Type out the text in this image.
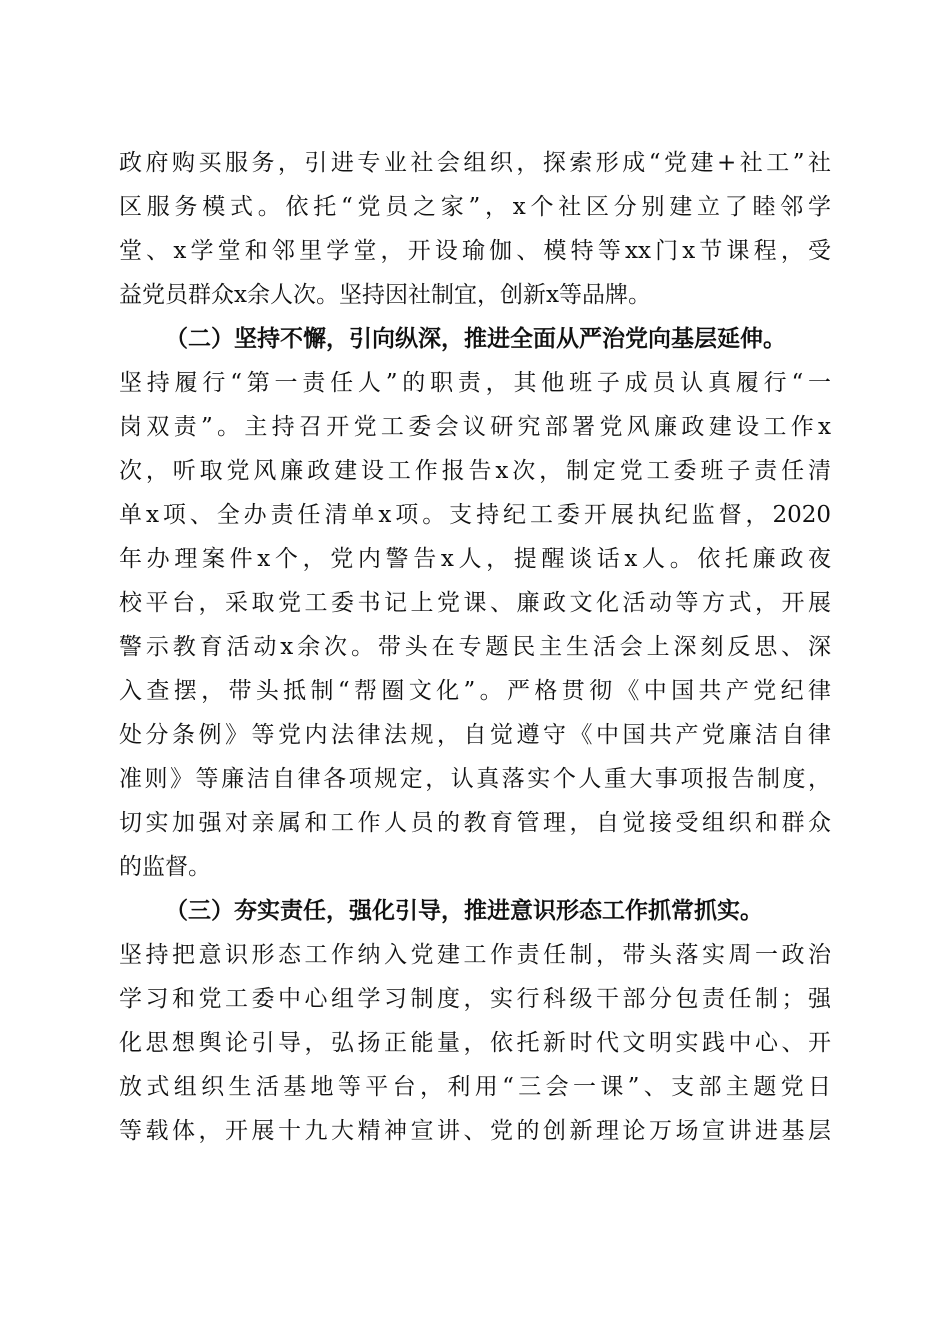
政府购买服务，引进专业社会组织，探索形成“党建+社工”社
区服务模式。依托“党员之家”，x个社区分别建立了睦邻学
堂、x学堂和邻里学堂，开设瑜伽、模特等xx门x节课程，受
益党员群众x余人次。坚持因社制宜，创新x等品牌。
（二）坚持不懈，引向纵深，推进全面从严治党向基层延伸。
坚持履行“第一责任人”的职责，其他班子成员认真履行“一
岗双责”。主持召开党工委会议研究部署党风廉政建设工作x
次，听取党风廉政建设工作报告x次，制定党工委班子责任清
单x项、全办责任清单x项。支持纪工委开展执纪监督，2020
年办理案件x个，党内警告x人，提醒谈话x人。依托廉政夜
校平台，采取党工委书记上党课、廉政文化活动等方式，开展
警示教育活动x余次。带头在专题民主生活会上深刻反思、深
入查摆，带头抵制“帮圈文化”。严格贯彻《中国共产党纪律
处分条例》等党内法律法规，自觉遵守《中国共产党廉洁自律
准则》等廉洁自律各项规定，认真落实个人重大事项报告制度，
切实加强对亲属和工作人员的教育管理，自觉接受组织和群众
的监督。
（三）夯实责任，强化引导，推进意识形态工作抓常抓实。
坚持把意识形态工作纳入党建工作责任制，带头落实周一政治
学习和党工委中心组学习制度，实行科级干部分包责任制；强
化思想舆论引导，弘扬正能量，依托新时代文明实践中心、开
放式组织生活基地等平台，利用“三会一课”、支部主题党日
等载体，开展十九大精神宣讲、党的创新理论万场宣讲进基层
